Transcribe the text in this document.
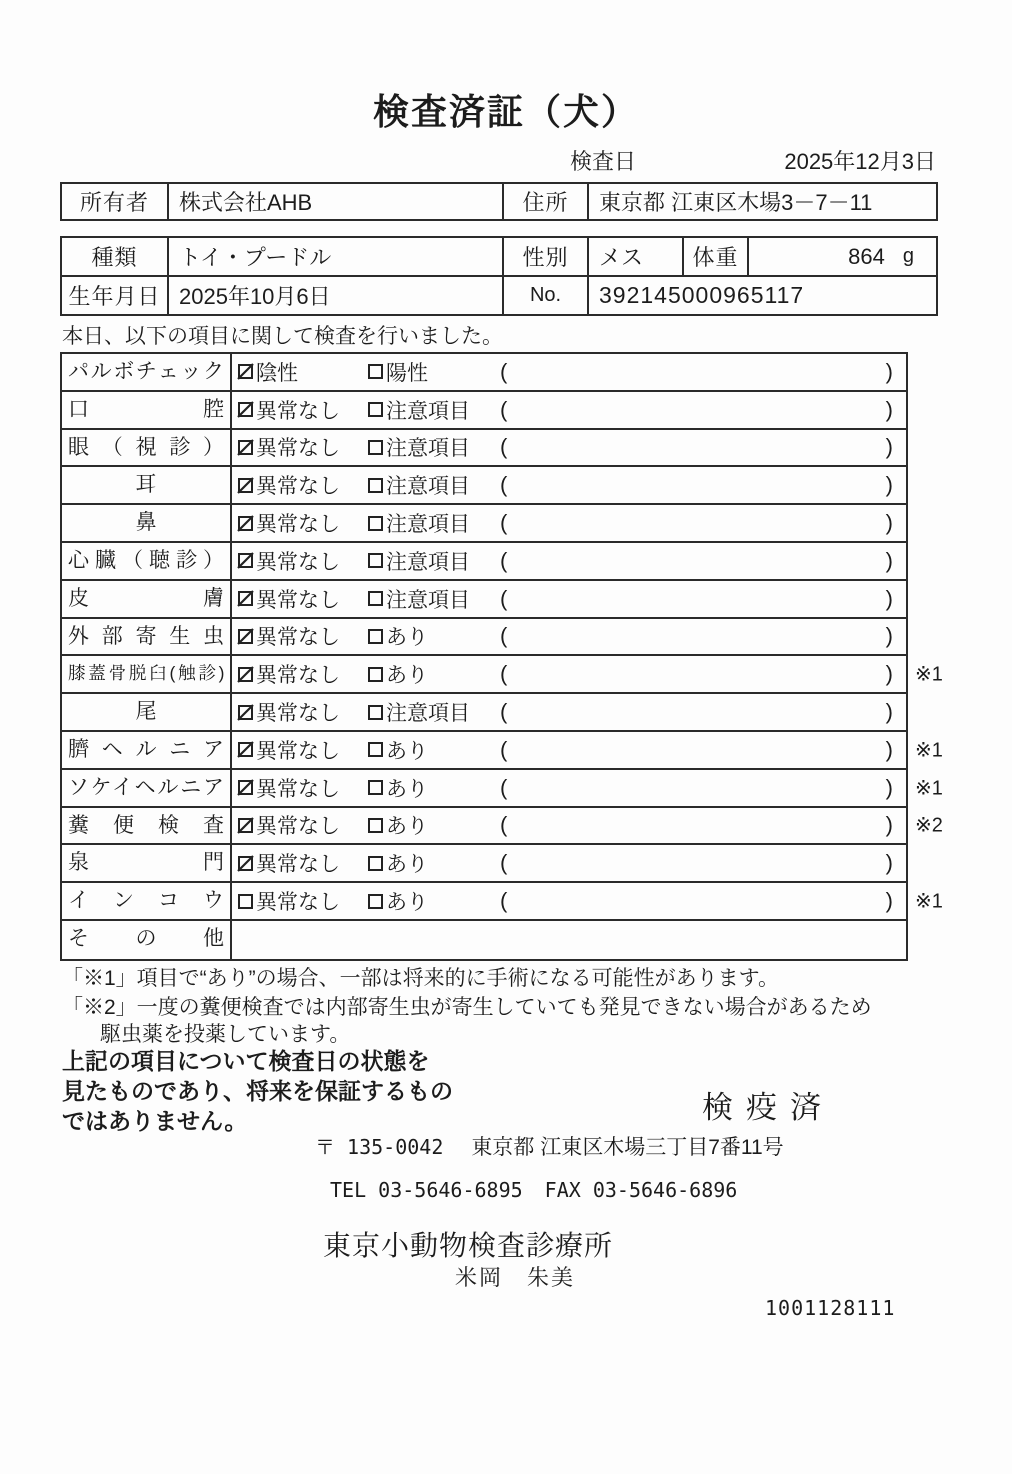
検査済証（犬）
検査日	2025年12月3日
所有者	株式会社AHB	住所	東京都 江東区木場3－7－11
種類	トイ・プードル	性別	メス	体重	864 g
生年月日 2025年10月6日	No.	392145000965117
本日、以下の項目に関して検査を行いました。
パルボチェック	陰性	陽性	(	)
口腔	異常なし 注意項目 (	)
眼（視診）	異常なし 注意項目 (	)
耳	異常なし 注意項目 (	)
鼻	異常なし 注意項目 (	)
心臓（聴診）	異常なし 注意項目 (	)
皮膚	異常なし 注意項目 (	)
外部寄生虫	異常なし あり	(	)
膝蓋骨脱臼(触診)	異常なし あり	(	) ※1
尾	異常なし 注意項目 (	)
臍ヘルニア	異常なし あり	(	) ※1
ソケイヘルニア	異常なし あり	(	) ※1
糞便検査	異常なし あり	(	) ※2
泉門	異常なし あり	(	)
インコウ	異常なし あり	(	) ※1
その他
「※1」項目で“あり”の場合、一部は将来的に手術になる可能性があります。
「※2」一度の糞便検査では内部寄生虫が寄生していても発見できない場合があるため
駆虫薬を投薬しています。
上記の項目について検査日の状態を
見たものであり、将来を保証するもの
ではありません。	検疫済
〒 135-0042 東京都 江東区木場三丁目7番11号
TEL 03-5646-6895 FAX 03-5646-6896
東京小動物検査診療所
米岡　朱美
1001128111
